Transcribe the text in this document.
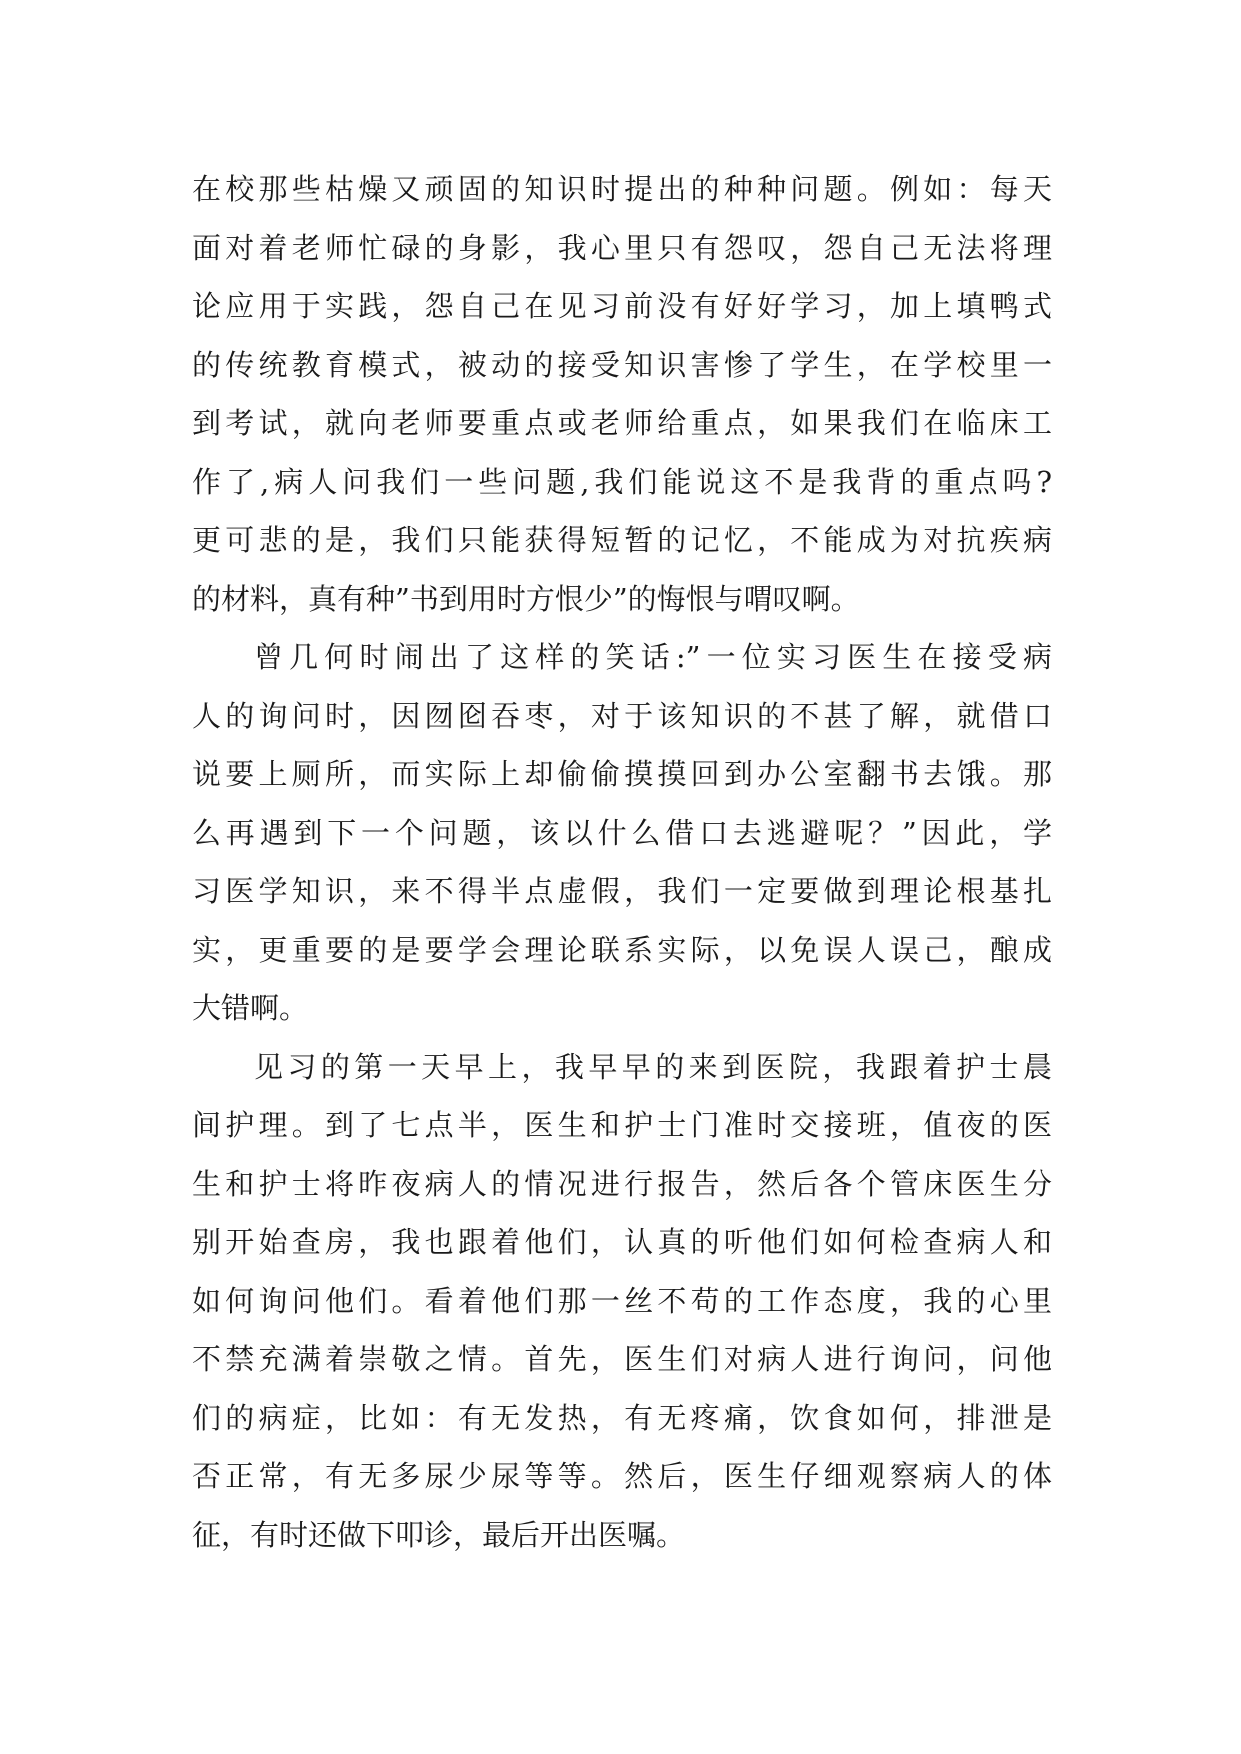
在校那些枯燥又顽固的知识时提出的种种问题。例如：每天
面对着老师忙碌的身影，我心里只有怨叹，怨自己无法将理
论应用于实践，怨自己在见习前没有好好学习，加上填鸭式
的传统教育模式，被动的接受知识害惨了学生，在学校里一
到考试，就向老师要重点或老师给重点，如果我们在临床工
作了,病人问我们一些问题,我们能说这不是我背的重点吗?
更可悲的是，我们只能获得短暂的记忆，不能成为对抗疾病
的材料，真有种”书到用时方恨少”的悔恨与喟叹啊。
曾几何时闹出了这样的笑话:”一位实习医生在接受病
人的询问时，因囫囵吞枣，对于该知识的不甚了解，就借口
说要上厕所，而实际上却偷偷摸摸回到办公室翻书去饿。那
么再遇到下一个问题，该以什么借口去逃避呢？”因此，学
习医学知识，来不得半点虚假，我们一定要做到理论根基扎
实，更重要的是要学会理论联系实际，以免误人误己，酿成
大错啊。
见习的第一天早上，我早早的来到医院，我跟着护士晨
间护理。到了七点半，医生和护士门准时交接班，值夜的医
生和护士将昨夜病人的情况进行报告，然后各个管床医生分
别开始查房，我也跟着他们，认真的听他们如何检查病人和
如何询问他们。看着他们那一丝不苟的工作态度，我的心里
不禁充满着崇敬之情。首先，医生们对病人进行询问，问他
们的病症，比如：有无发热，有无疼痛，饮食如何，排泄是
否正常，有无多尿少尿等等。然后，医生仔细观察病人的体
征，有时还做下叩诊，最后开出医嘱。
